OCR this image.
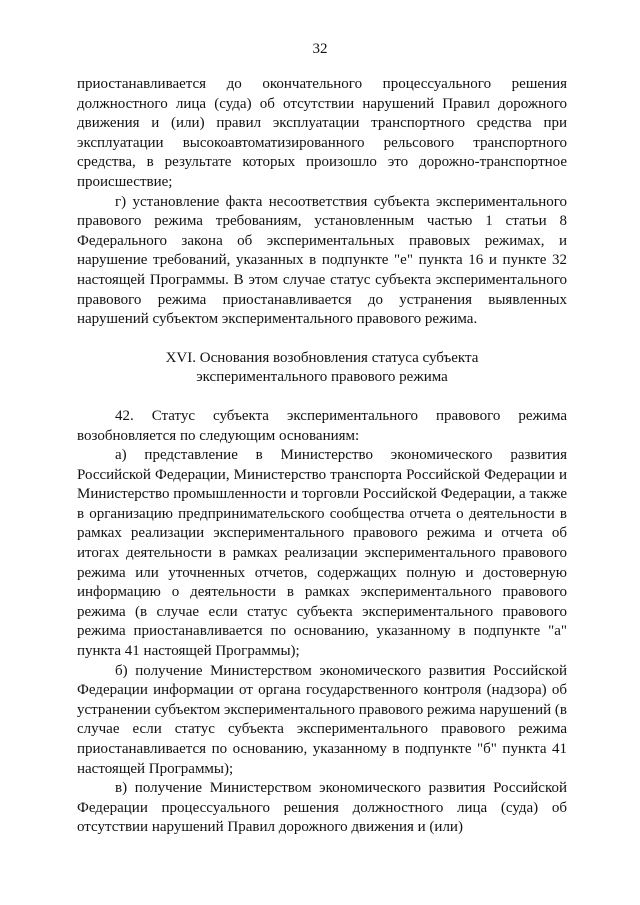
32

приостанавливается до окончательного процессуального решения должностного лица (суда) об отсутствии нарушений Правил дорожного движения и (или) правил эксплуатации транспортного средства при эксплуатации высокоавтоматизированного рельсового транспортного средства, в результате которых произошло это дорожно-транспортное происшествие;

г) установление факта несоответствия субъекта экспериментального правового режима требованиям, установленным частью 1 статьи 8 Федерального закона об экспериментальных правовых режимах, и нарушение требований, указанных в подпункте "е" пункта 16 и пункте 32 настоящей Программы. В этом случае статус субъекта экспериментального правового режима приостанавливается до устранения выявленных нарушений субъектом экспериментального правового режима.

XVI. Основания возобновления статуса субъекта экспериментального правового режима

42. Статус субъекта экспериментального правового режима возобновляется по следующим основаниям:

а) представление в Министерство экономического развития Российской Федерации, Министерство транспорта Российской Федерации и Министерство промышленности и торговли Российской Федерации, а также в организацию предпринимательского сообщества отчета о деятельности в рамках реализации экспериментального правового режима и отчета об итогах деятельности в рамках реализации экспериментального правового режима или уточненных отчетов, содержащих полную и достоверную информацию о деятельности в рамках экспериментального правового режима (в случае если статус субъекта экспериментального правового режима приостанавливается по основанию, указанному в подпункте "а" пункта 41 настоящей Программы);

б) получение Министерством экономического развития Российской Федерации информации от органа государственного контроля (надзора) об устранении субъектом экспериментального правового режима нарушений (в случае если статус субъекта экспериментального правового режима приостанавливается по основанию, указанному в подпункте "б" пункта 41 настоящей Программы);

в) получение Министерством экономического развития Российской Федерации процессуального решения должностного лица (суда) об отсутствии нарушений Правил дорожного движения и (или)
